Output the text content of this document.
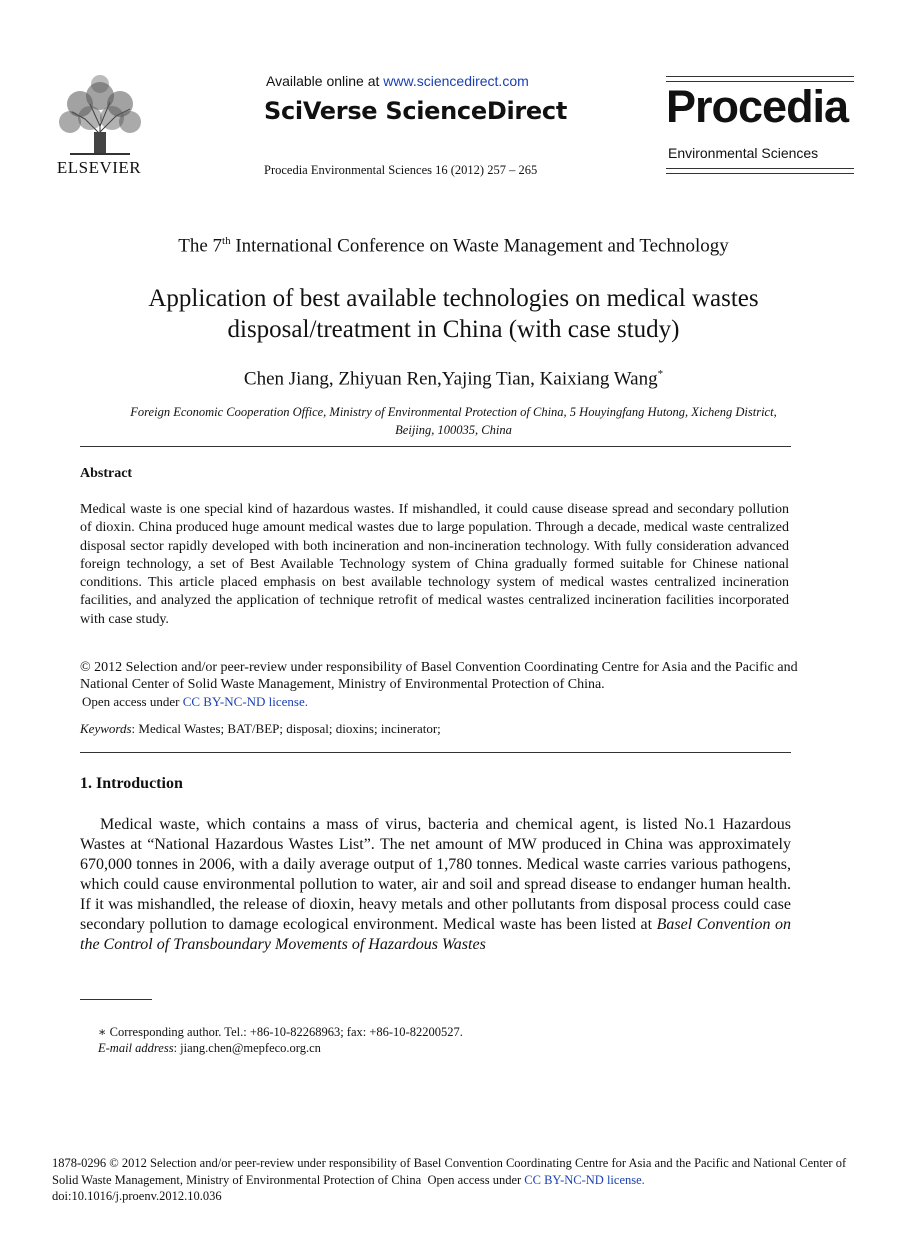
ELSEVIER
Available online at www.sciencedirect.com
SciVerse ScienceDirect
Procedia Environmental Sciences 16 (2012) 257 – 265
Procedia
Environmental Sciences
The 7th International Conference on Waste Management and Technology
Application of best available technologies on medical wastes
disposal/treatment in China (with case study)
Chen Jiang, Zhiyuan Ren,Yajing Tian, Kaixiang Wang*
Foreign Economic Cooperation Office, Ministry of Environmental Protection of China, 5 Houyingfang Hutong, Xicheng District,
Beijing, 100035, China
Abstract
Medical waste is one special kind of hazardous wastes. If mishandled, it could cause disease spread and secondary pollution of dioxin. China produced huge amount medical wastes due to large population. Through a decade, medical waste centralized disposal sector rapidly developed with both incineration and non-incineration technology. With fully consideration advanced foreign technology, a set of Best Available Technology system of China gradually formed suitable for Chinese national conditions. This article placed emphasis on best available technology system of medical wastes centralized incineration facilities, and analyzed the application of technique retrofit of medical wastes centralized incineration facilities incorporated with case study.
© 2012 Selection and/or peer-review under responsibility of Basel Convention Coordinating Centre for Asia and the Pacific and National Center of Solid Waste Management, Ministry of Environmental Protection of China.
Open access under CC BY-NC-ND license.
Keywords: Medical Wastes; BAT/BEP; disposal; dioxins; incinerator;
1. Introduction

Medical waste, which contains a mass of virus, bacteria and chemical agent, is listed No.1 Hazardous Wastes at “National Hazardous Wastes List”. The net amount of MW produced in China was approximately 670,000 tonnes in 2006, with a daily average output of 1,780 tonnes. Medical waste carries various pathogens, which could cause environmental pollution to water, air and soil and spread disease to endanger human health. If it was mishandled, the release of dioxin, heavy metals and other pollutants from disposal process could case secondary pollution to damage ecological environment. Medical waste has been listed at Basel Convention on the Control of Transboundary Movements of Hazardous Wastes

∗ Corresponding author. Tel.: +86-10-82268963; fax: +86-10-82200527.
E-mail address: jiang.chen@mepfeco.org.cn
1878-0296 © 2012 Selection and/or peer-review under responsibility of Basel Convention Coordinating Centre for Asia and the Pacific and National Center of Solid Waste Management, Ministry of Environmental Protection of China  Open access under CC BY-NC-ND license.
doi:10.1016/j.proenv.2012.10.036
